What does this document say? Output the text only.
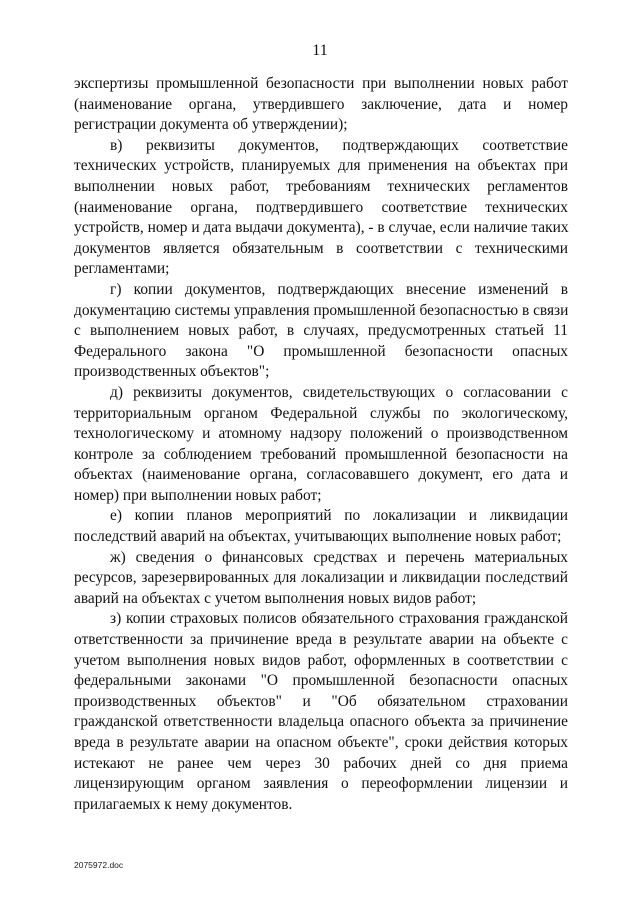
11
экспертизы промышленной безопасности при выполнении новых работ
(наименование органа, утвердившего заключение, дата и номер
регистрации документа об утверждении);
в) реквизиты документов, подтверждающих соответствие
технических устройств, планируемых для применения на объектах при
выполнении новых работ, требованиям технических регламентов
(наименование органа, подтвердившего соответствие технических
устройств, номер и дата выдачи документа), - в случае, если наличие таких
документов является обязательным в соответствии с техническими
регламентами;
г) копии документов, подтверждающих внесение изменений в
документацию системы управления промышленной безопасностью в связи
с выполнением новых работ, в случаях, предусмотренных статьей 11
Федерального закона "О промышленной безопасности опасных
производственных объектов";
д) реквизиты документов, свидетельствующих о согласовании с
территориальным органом Федеральной службы по экологическому,
технологическому и атомному надзору положений о производственном
контроле за соблюдением требований промышленной безопасности на
объектах (наименование органа, согласовавшего документ, его дата и
номер) при выполнении новых работ;
е) копии планов мероприятий по локализации и ликвидации
последствий аварий на объектах, учитывающих выполнение новых работ;
ж) сведения о финансовых средствах и перечень материальных
ресурсов, зарезервированных для локализации и ликвидации последствий
аварий на объектах с учетом выполнения новых видов работ;
з) копии страховых полисов обязательного страхования гражданской
ответственности за причинение вреда в результате аварии на объекте с
учетом выполнения новых видов работ, оформленных в соответствии с
федеральными законами "О промышленной безопасности опасных
производственных объектов" и "Об обязательном страховании
гражданской ответственности владельца опасного объекта за причинение
вреда в результате аварии на опасном объекте", сроки действия которых
истекают не ранее чем через 30 рабочих дней со дня приема
лицензирующим органом заявления о переоформлении лицензии и
прилагаемых к нему документов.
2075972.doc
